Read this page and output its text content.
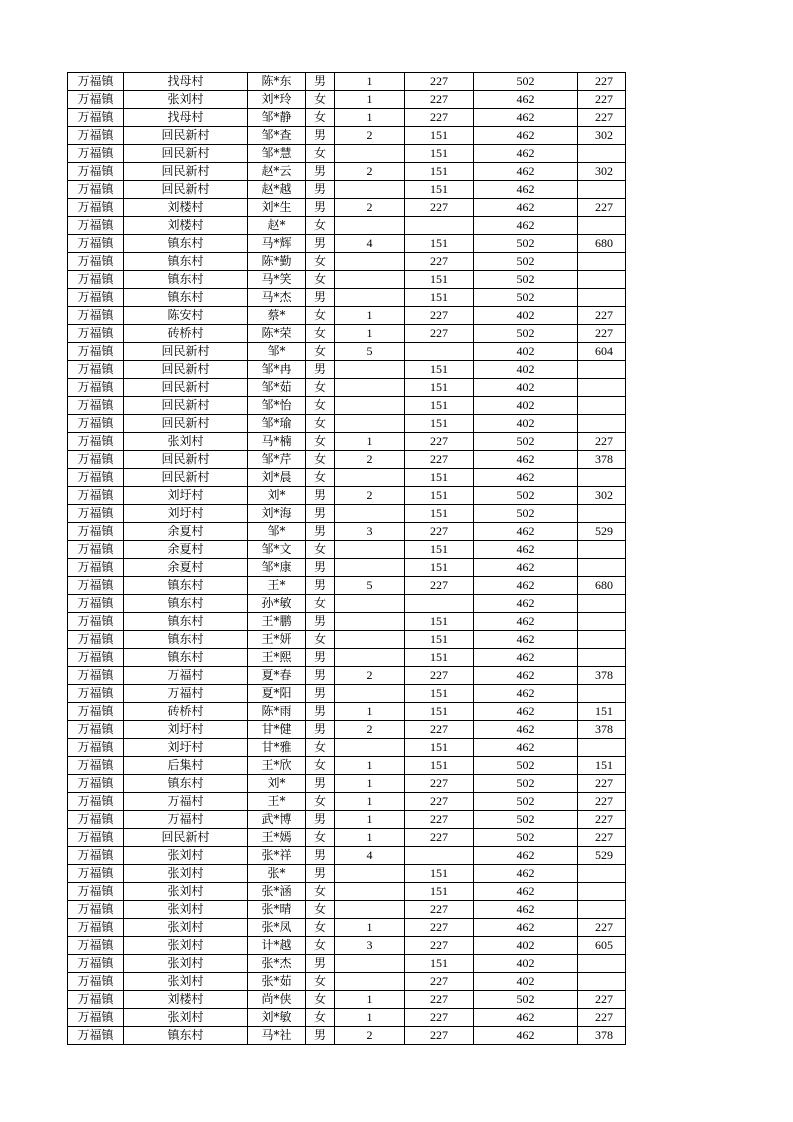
万福镇	找母村	陈*东	男	1	227	502	227
万福镇	张刘村	刘*玲	女	1	227	462	227
万福镇	找母村	邹*静	女	1	227	462	227
万福镇	回民新村	邹*查	男	2	151	462	302
万福镇	回民新村	邹*慧	女		151	462	
万福镇	回民新村	赵*云	男	2	151	462	302
万福镇	回民新村	赵*越	男		151	462	
万福镇	刘楼村	刘*生	男	2	227	462	227
万福镇	刘楼村	赵*	女			462	
万福镇	镇东村	马*辉	男	4	151	502	680
万福镇	镇东村	陈*勤	女		227	502	
万福镇	镇东村	马*笑	女		151	502	
万福镇	镇东村	马*杰	男		151	502	
万福镇	陈安村	蔡*	女	1	227	402	227
万福镇	砖桥村	陈*荣	女	1	227	502	227
万福镇	回民新村	邹*	女	5		402	604
万福镇	回民新村	邹*冉	男		151	402	
万福镇	回民新村	邹*茹	女		151	402	
万福镇	回民新村	邹*怡	女		151	402	
万福镇	回民新村	邹*瑜	女		151	402	
万福镇	张刘村	马*楠	女	1	227	502	227
万福镇	回民新村	邹*芹	女	2	227	462	378
万福镇	回民新村	刘*晨	女		151	462	
万福镇	刘圩村	刘*	男	2	151	502	302
万福镇	刘圩村	刘*海	男		151	502	
万福镇	余夏村	邹*	男	3	227	462	529
万福镇	余夏村	邹*文	女		151	462	
万福镇	余夏村	邹*康	男		151	462	
万福镇	镇东村	王*	男	5	227	462	680
万福镇	镇东村	孙*敏	女			462	
万福镇	镇东村	王*鹏	男		151	462	
万福镇	镇东村	王*妍	女		151	462	
万福镇	镇东村	王*熙	男		151	462	
万福镇	万福村	夏*春	男	2	227	462	378
万福镇	万福村	夏*阳	男		151	462	
万福镇	砖桥村	陈*雨	男	1	151	462	151
万福镇	刘圩村	甘*健	男	2	227	462	378
万福镇	刘圩村	甘*雅	女		151	462	
万福镇	后集村	王*欣	女	1	151	502	151
万福镇	镇东村	刘*	男	1	227	502	227
万福镇	万福村	王*	女	1	227	502	227
万福镇	万福村	武*博	男	1	227	502	227
万福镇	回民新村	王*嫣	女	1	227	502	227
万福镇	张刘村	张*祥	男	4		462	529
万福镇	张刘村	张*	男		151	462	
万福镇	张刘村	张*涵	女		151	462	
万福镇	张刘村	张*晴	女		227	462	
万福镇	张刘村	张*凤	女	1	227	462	227
万福镇	张刘村	计*越	女	3	227	402	605
万福镇	张刘村	张*杰	男		151	402	
万福镇	张刘村	张*茹	女		227	402	
万福镇	刘楼村	尚*侠	女	1	227	502	227
万福镇	张刘村	刘*敏	女	1	227	462	227
万福镇	镇东村	马*社	男	2	227	462	378
